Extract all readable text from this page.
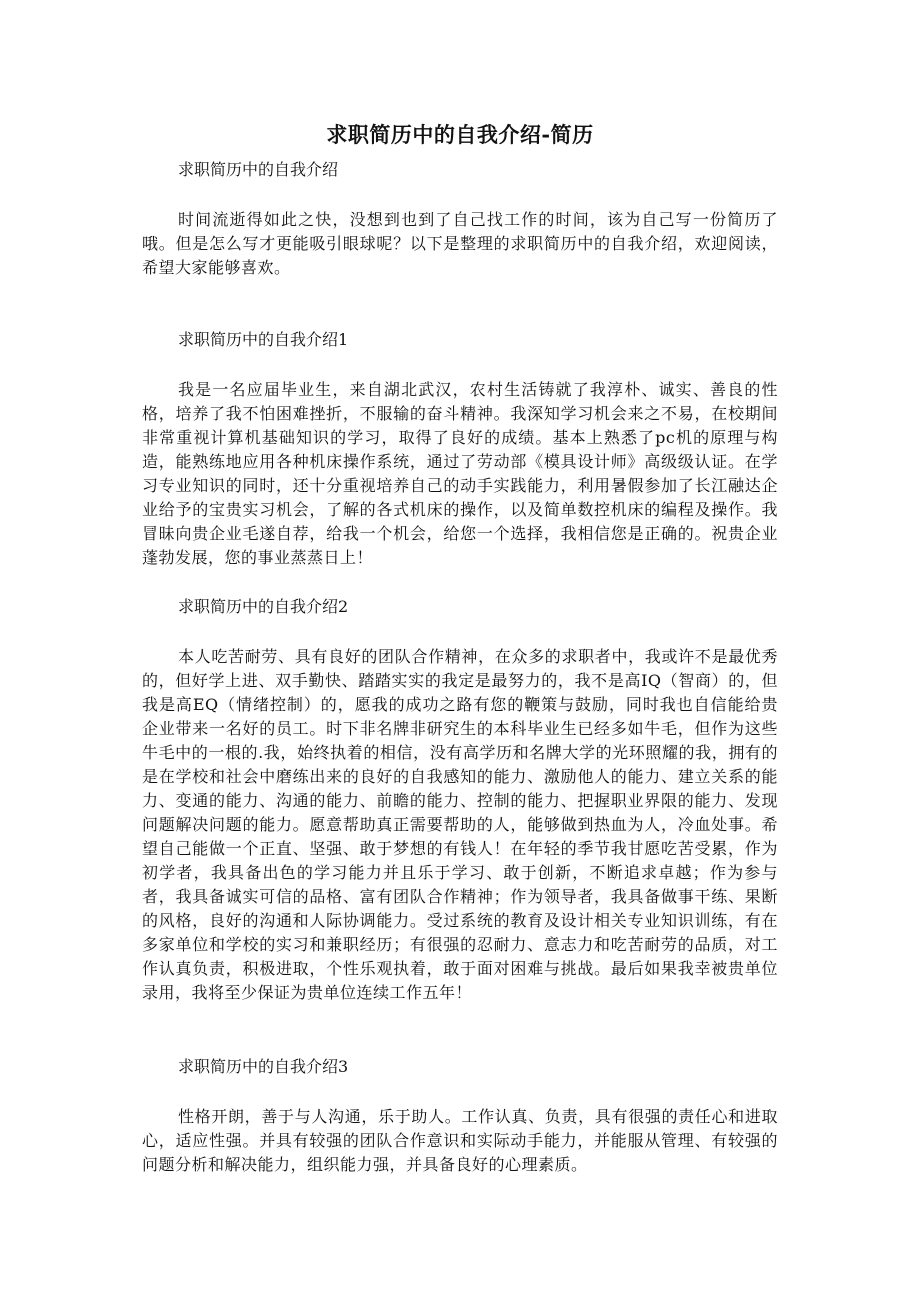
求职简历中的自我介绍-简历
求职简历中的自我介绍

时间流逝得如此之快，没想到也到了自己找工作的时间，该为自己写一份简历了哦。但是怎么写才更能吸引眼球呢？以下是整理的求职简历中的自我介绍，欢迎阅读，希望大家能够喜欢。

求职简历中的自我介绍1

我是一名应届毕业生，来自湖北武汉，农村生活铸就了我淳朴、诚实、善良的性格，培养了我不怕困难挫折，不服输的奋斗精神。我深知学习机会来之不易，在校期间非常重视计算机基础知识的学习，取得了良好的成绩。基本上熟悉了pc机的原理与构造，能熟练地应用各种机床操作系统，通过了劳动部《模具设计师》高级级认证。在学习专业知识的同时，还十分重视培养自己的动手实践能力，利用暑假参加了长江融达企业给予的宝贵实习机会，了解的各式机床的操作，以及简单数控机床的编程及操作。我冒昧向贵企业毛遂自荐，给我一个机会，给您一个选择，我相信您是正确的。祝贵企业蓬勃发展，您的事业蒸蒸日上！

求职简历中的自我介绍2

本人吃苦耐劳、具有良好的团队合作精神，在众多的求职者中，我或许不是最优秀的，但好学上进、双手勤快、踏踏实实的我定是最努力的，我不是高IQ（智商）的，但我是高EQ（情绪控制）的，愿我的成功之路有您的鞭策与鼓励，同时我也自信能给贵企业带来一名好的员工。时下非名牌非研究生的本科毕业生已经多如牛毛，但作为这些牛毛中的一根的.我，始终执着的相信，没有高学历和名牌大学的光环照耀的我，拥有的是在学校和社会中磨练出来的良好的自我感知的能力、激励他人的能力、建立关系的能力、变通的能力、沟通的能力、前瞻的能力、控制的能力、把握职业界限的能力、发现问题解决问题的能力。愿意帮助真正需要帮助的人，能够做到热血为人，冷血处事。希望自己能做一个正直、坚强、敢于梦想的有钱人！在年轻的季节我甘愿吃苦受累，作为初学者，我具备出色的学习能力并且乐于学习、敢于创新，不断追求卓越；作为参与者，我具备诚实可信的品格、富有团队合作精神；作为领导者，我具备做事干练、果断的风格，良好的沟通和人际协调能力。受过系统的教育及设计相关专业知识训练，有在多家单位和学校的实习和兼职经历；有很强的忍耐力、意志力和吃苦耐劳的品质，对工作认真负责，积极进取，个性乐观执着，敢于面对困难与挑战。最后如果我幸被贵单位录用，我将至少保证为贵单位连续工作五年！

求职简历中的自我介绍3

性格开朗，善于与人沟通，乐于助人。工作认真、负责，具有很强的责任心和进取心，适应性强。并具有较强的团队合作意识和实际动手能力，并能服从管理、有较强的问题分析和解决能力，组织能力强，并具备良好的心理素质。
